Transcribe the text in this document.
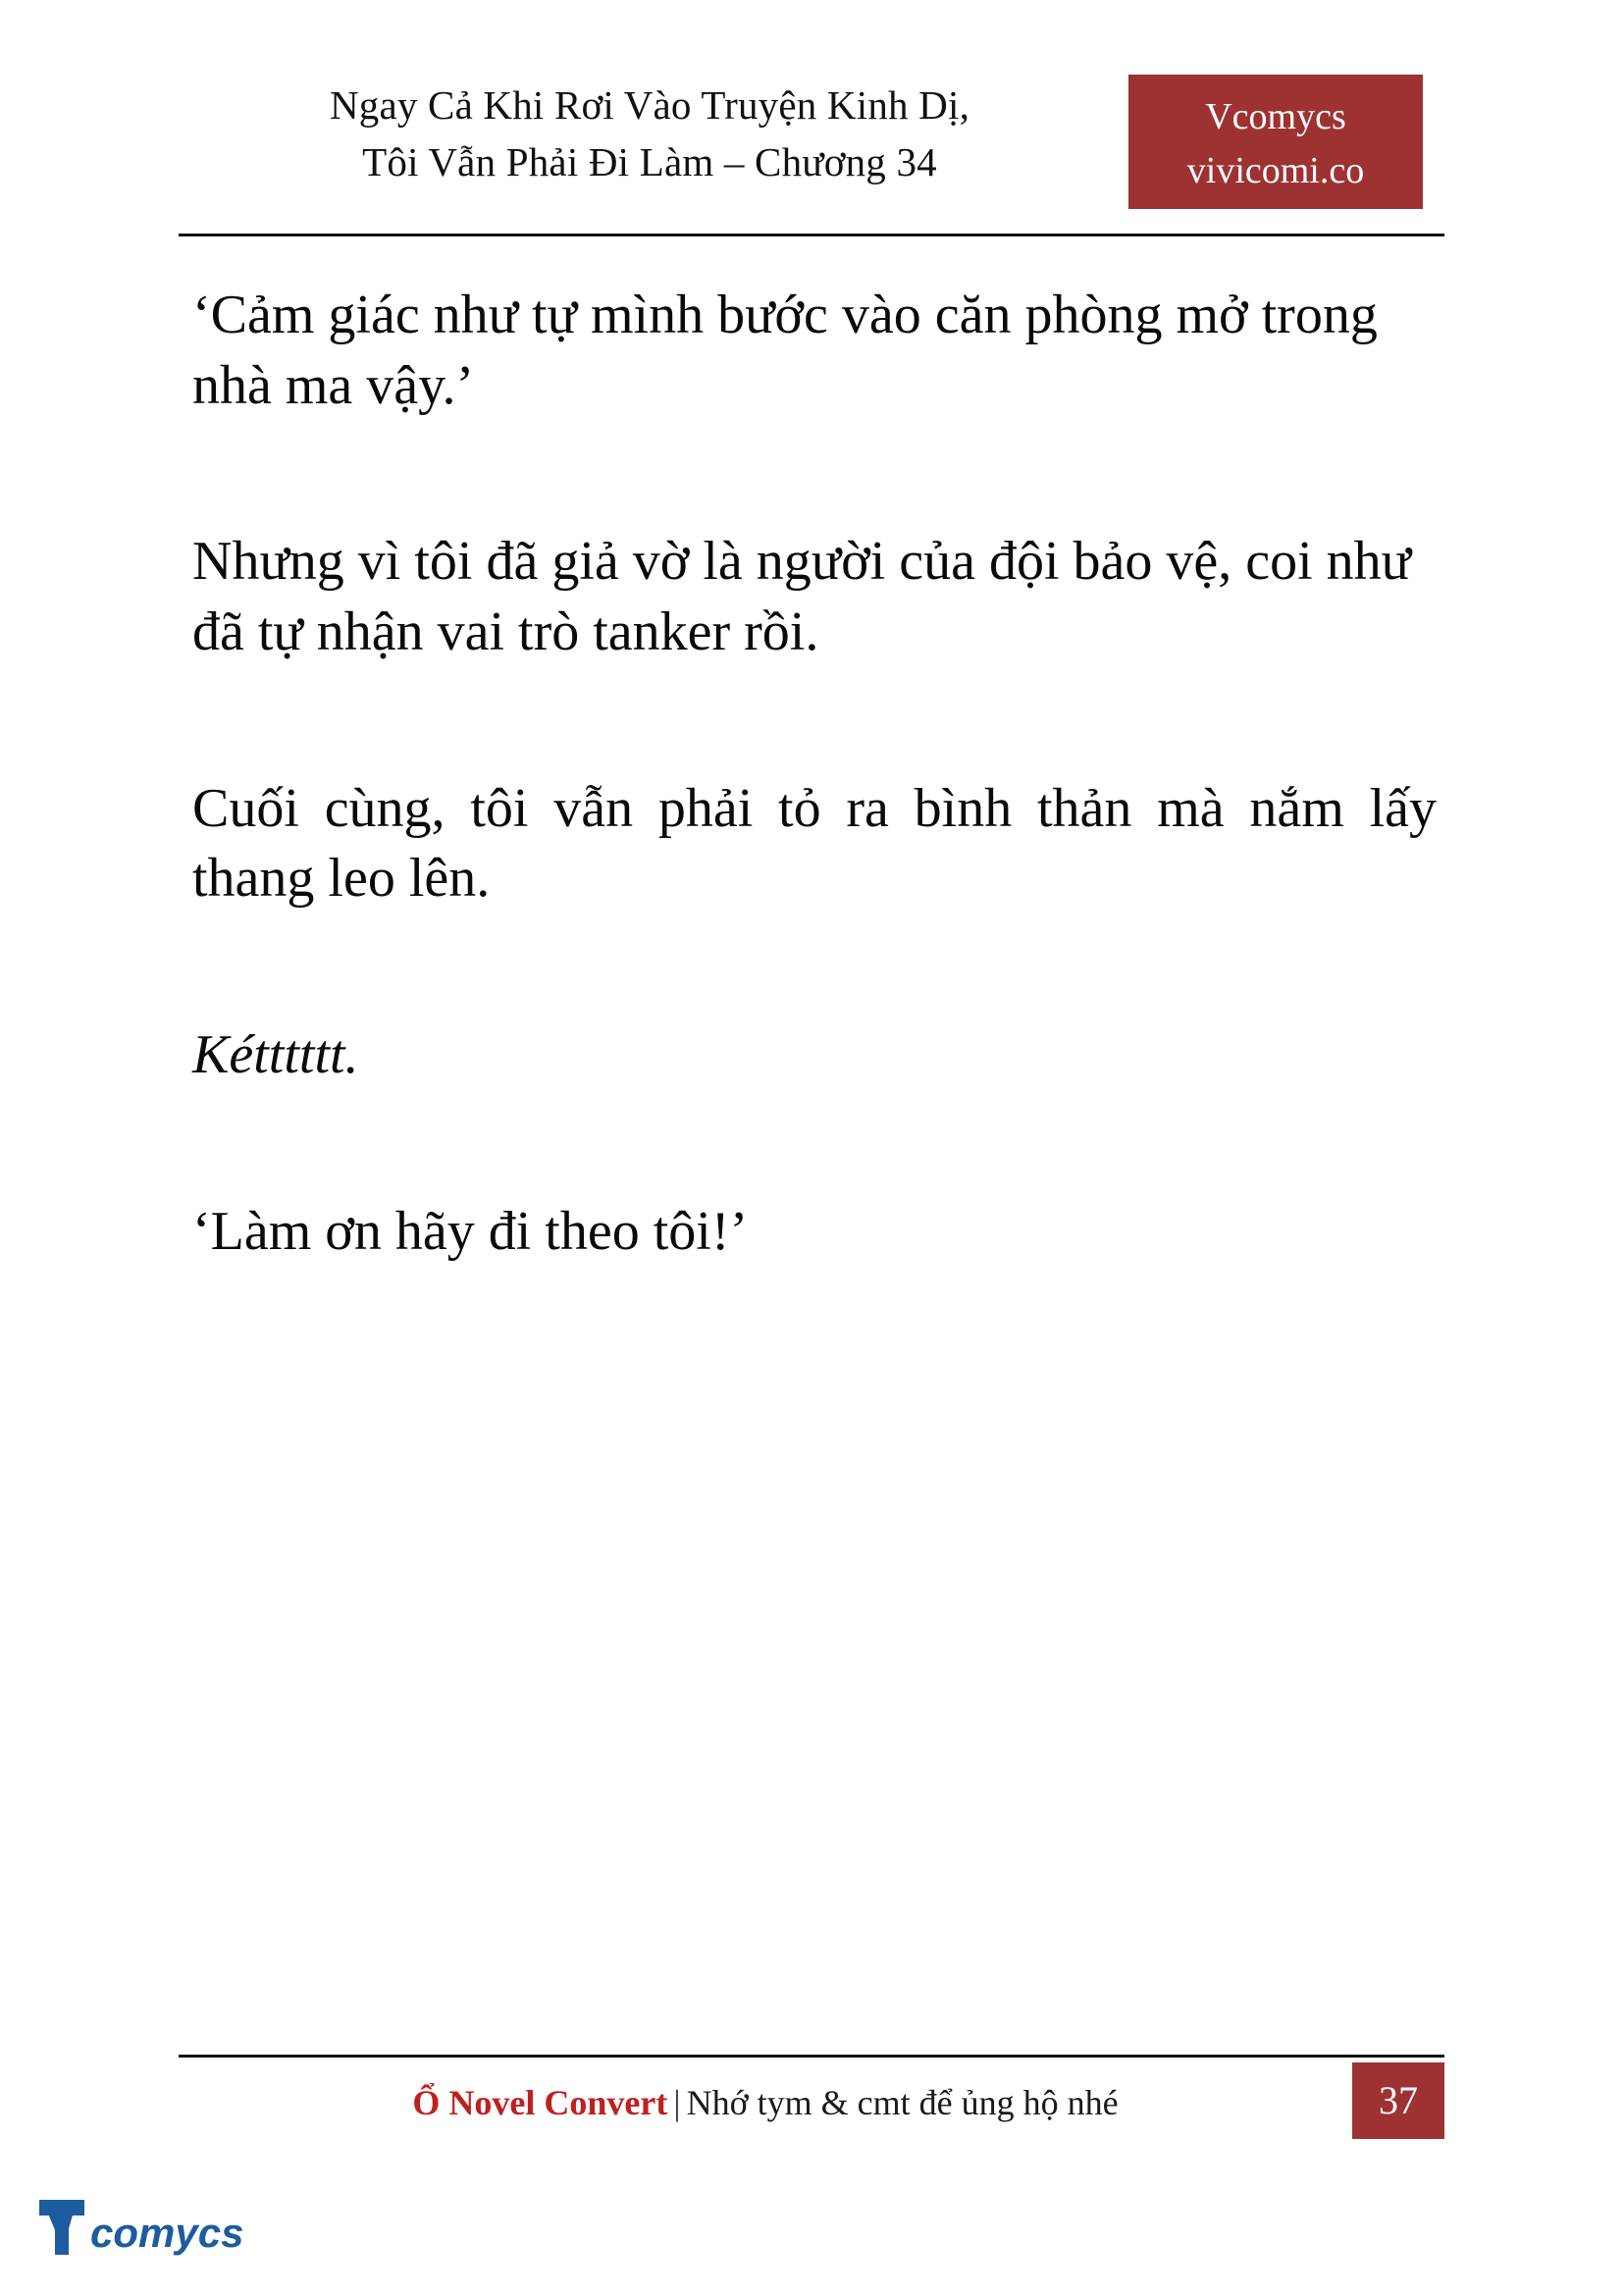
Ngay Cả Khi Rơi Vào Truyện Kinh Dị,
Tôi Vẫn Phải Đi Làm – Chương 34
Vcomycs
vivicomi.co

‘Cảm giác như tự mình bước vào căn phòng mở trong nhà ma vậy.’

Nhưng vì tôi đã giả vờ là người của đội bảo vệ, coi như đã tự nhận vai trò tanker rồi.

Cuối cùng, tôi vẫn phải tỏ ra bình thản mà nắm lấy thang leo lên.

Kétttttt.

‘Làm ơn hãy đi theo tôi!’

Ổ Novel Convert | Nhớ tym & cmt để ủng hộ nhé	37
comycs
